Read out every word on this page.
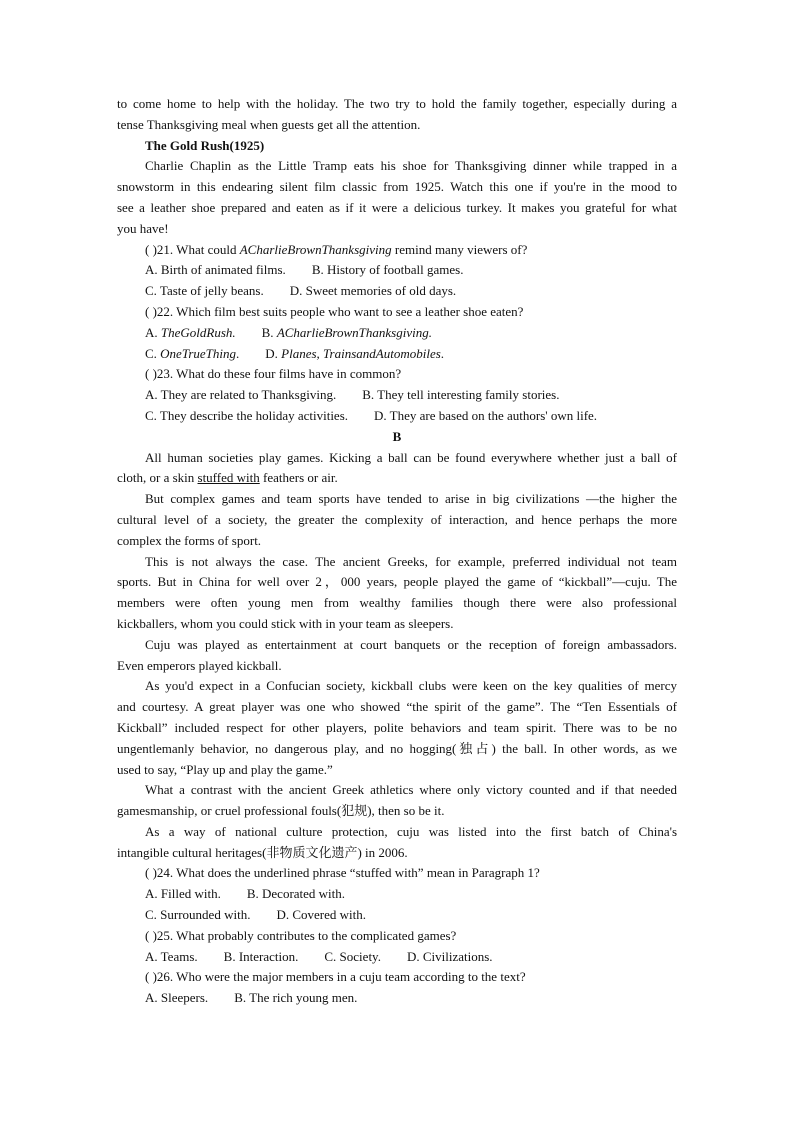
to come home to help with the holiday. The two try to hold the family together, especially during a
tense Thanksgiving meal when guests get all the attention.
The Gold Rush(1925)
Charlie Chaplin as the Little Tramp eats his shoe for Thanksgiving dinner while trapped in a
snowstorm in this endearing silent film classic from 1925. Watch this one if you're in the mood to
see a leather shoe prepared and eaten as if it were a delicious turkey. It makes you grateful for what
you have!
( )21. What could ACharlieBrownThanksgiving remind many viewers of?
A. Birth of animated films. B. History of football games.
C. Taste of jelly beans. D. Sweet memories of old days.
( )22. Which film best suits people who want to see a leather shoe eaten?
A. TheGoldRush. B. ACharlieBrownThanksgiving.
C. OneTrueThing. D. Planes, TrainsandAutomobiles.
( )23. What do these four films have in common?
A. They are related to Thanksgiving. B. They tell interesting family stories.
C. They describe the holiday activities. D. They are based on the authors' own life.
B
All human societies play games. Kicking a ball can be found everywhere whether just a ball of
cloth, or a skin stuffed with feathers or air.
But complex games and team sports have tended to arise in big civilizations —the higher the
cultural level of a society, the greater the complexity of interaction, and hence perhaps the more
complex the forms of sport.
This is not always the case. The ancient Greeks, for example, preferred individual not team
sports. But in China for well over 2，000 years, people played the game of “kickball”—cuju. The
members were often young men from wealthy families though there were also professional
kickballers, whom you could stick with in your team as sleepers.
Cuju was played as entertainment at court banquets or the reception of foreign ambassadors.
Even emperors played kickball.
As you'd expect in a Confucian society, kickball clubs were keen on the key qualities of mercy
and courtesy. A great player was one who showed “the spirit of the game”. The “Ten Essentials of
Kickball” included respect for other players, polite behaviors and team spirit. There was to be no
ungentlemanly behavior, no dangerous play, and no hogging(独占) the ball. In other words, as we
used to say, “Play up and play the game.”
What a contrast with the ancient Greek athletics where only victory counted and if that needed
gamesmanship, or cruel professional fouls(犯规), then so be it.
As a way of national culture protection, cuju was listed into the first batch of China's
intangible cultural heritages(非物质文化遗产) in 2006.
( )24. What does the underlined phrase “stuffed with” mean in Paragraph 1?
A. Filled with. B. Decorated with.
C. Surrounded with. D. Covered with.
( )25. What probably contributes to the complicated games?
A. Teams. B. Interaction. C. Society. D. Civilizations.
( )26. Who were the major members in a cuju team according to the text?
A. Sleepers. B. The rich young men.
